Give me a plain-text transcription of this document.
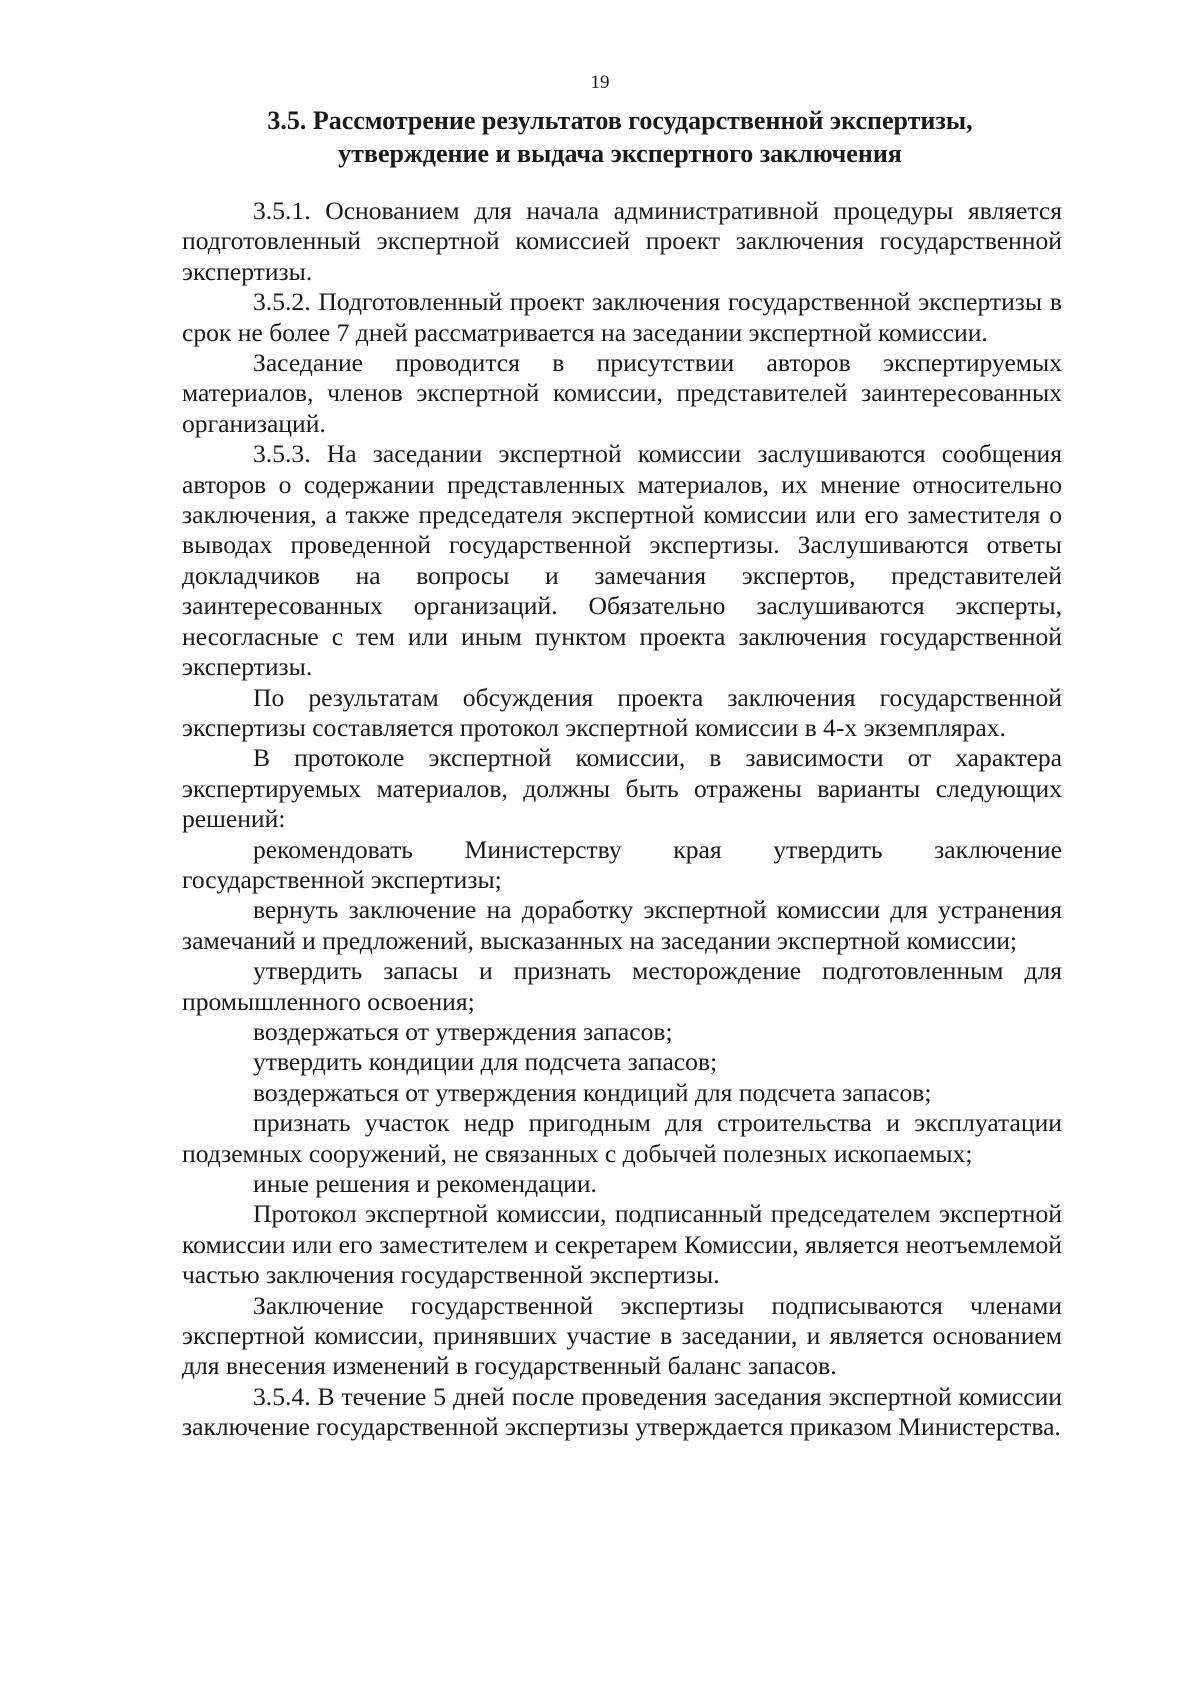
19
3.5. Рассмотрение результатов государственной экспертизы,
утверждение и выдача экспертного заключения

3.5.1. Основанием для начала административной процедуры является подготовленный экспертной комиссией проект заключения государственной экспертизы.

3.5.2. Подготовленный проект заключения государственной экспертизы в срок не более 7 дней рассматривается на заседании экспертной комиссии.

Заседание проводится в присутствии авторов экспертируемых материалов, членов экспертной комиссии, представителей заинтересованных организаций.

3.5.3. На заседании экспертной комиссии заслушиваются сообщения авторов о содержании представленных материалов, их мнение относительно заключения, а также председателя экспертной комиссии или его заместителя о выводах проведенной государственной экспертизы. Заслушиваются ответы докладчиков на вопросы и замечания экспертов, представителей заинтересованных организаций. Обязательно заслушиваются эксперты, несогласные с тем или иным пунктом проекта заключения государственной экспертизы.

По результатам обсуждения проекта заключения государственной экспертизы составляется протокол экспертной комиссии в 4-х экземплярах.

В протоколе экспертной комиссии, в зависимости от характера экспертируемых материалов, должны быть отражены варианты следующих решений:

рекомендовать Министерству края утвердить заключение государственной экспертизы;

вернуть заключение на доработку экспертной комиссии для устранения замечаний и предложений, высказанных на заседании экспертной комиссии;

утвердить запасы и признать месторождение подготовленным для промышленного освоения;

воздержаться от утверждения запасов;

утвердить кондиции для подсчета запасов;

воздержаться от утверждения кондиций для подсчета запасов;

признать участок недр пригодным для строительства и эксплуатации подземных сооружений, не связанных с добычей полезных ископаемых;

иные решения и рекомендации.

Протокол экспертной комиссии, подписанный председателем экспертной комиссии или его заместителем и секретарем Комиссии, является неотъемлемой частью заключения государственной экспертизы.

Заключение государственной экспертизы подписываются членами экспертной комиссии, принявших участие в заседании, и является основанием для внесения изменений в государственный баланс запасов.

3.5.4. В течение 5 дней после проведения заседания экспертной комиссии заключение государственной экспертизы утверждается приказом Министерства.
